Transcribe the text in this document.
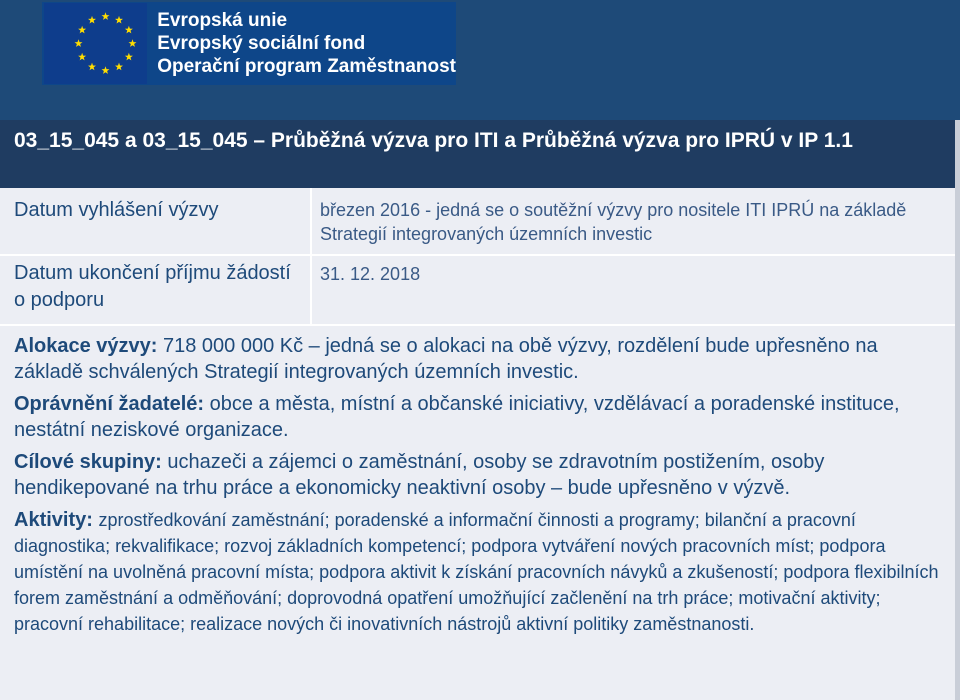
Evropská unie
Evropský sociální fond
Operační program Zaměstnanost
03_15_045 a 03_15_045 – Průběžná výzva pro ITI a Průběžná výzva pro IPRÚ v IP 1.1
Datum vyhlášení výzvy	březen 2016 - jedná se o soutěžní výzvy pro nositele ITI IPRÚ na základě Strategií integrovaných územních investic
Datum ukončení příjmu žádostí o podporu
31. 12. 2018
Alokace výzvy: 718 000 000 Kč – jedná se o alokaci na obě výzvy, rozdělení bude upřesněno na základě schválených Strategií integrovaných územních investic.
Oprávnění žadatelé: obce a města, místní a občanské iniciativy, vzdělávací a poradenské instituce, nestátní neziskové organizace.
Cílové skupiny: uchazeči a zájemci o zaměstnání, osoby se zdravotním postižením, osoby hendikepované na trhu práce a ekonomicky neaktivní osoby – bude upřesněno v výzvě.
Aktivity: zprostředkování zaměstnání; poradenské a informační činnosti a programy; bilanční a pracovní diagnostika; rekvalifikace; rozvoj základních kompetencí; podpora vytváření nových pracovních míst; podpora umístění na uvolněná pracovní místa; podpora aktivit k získání pracovních návyků a zkušeností; podpora flexibilních forem zaměstnání a odměňování; doprovodná opatření umožňující začlenění na trh práce; motivační aktivity; pracovní rehabilitace; realizace nových či inovativních nástrojů aktivní politiky zaměstnanosti.
